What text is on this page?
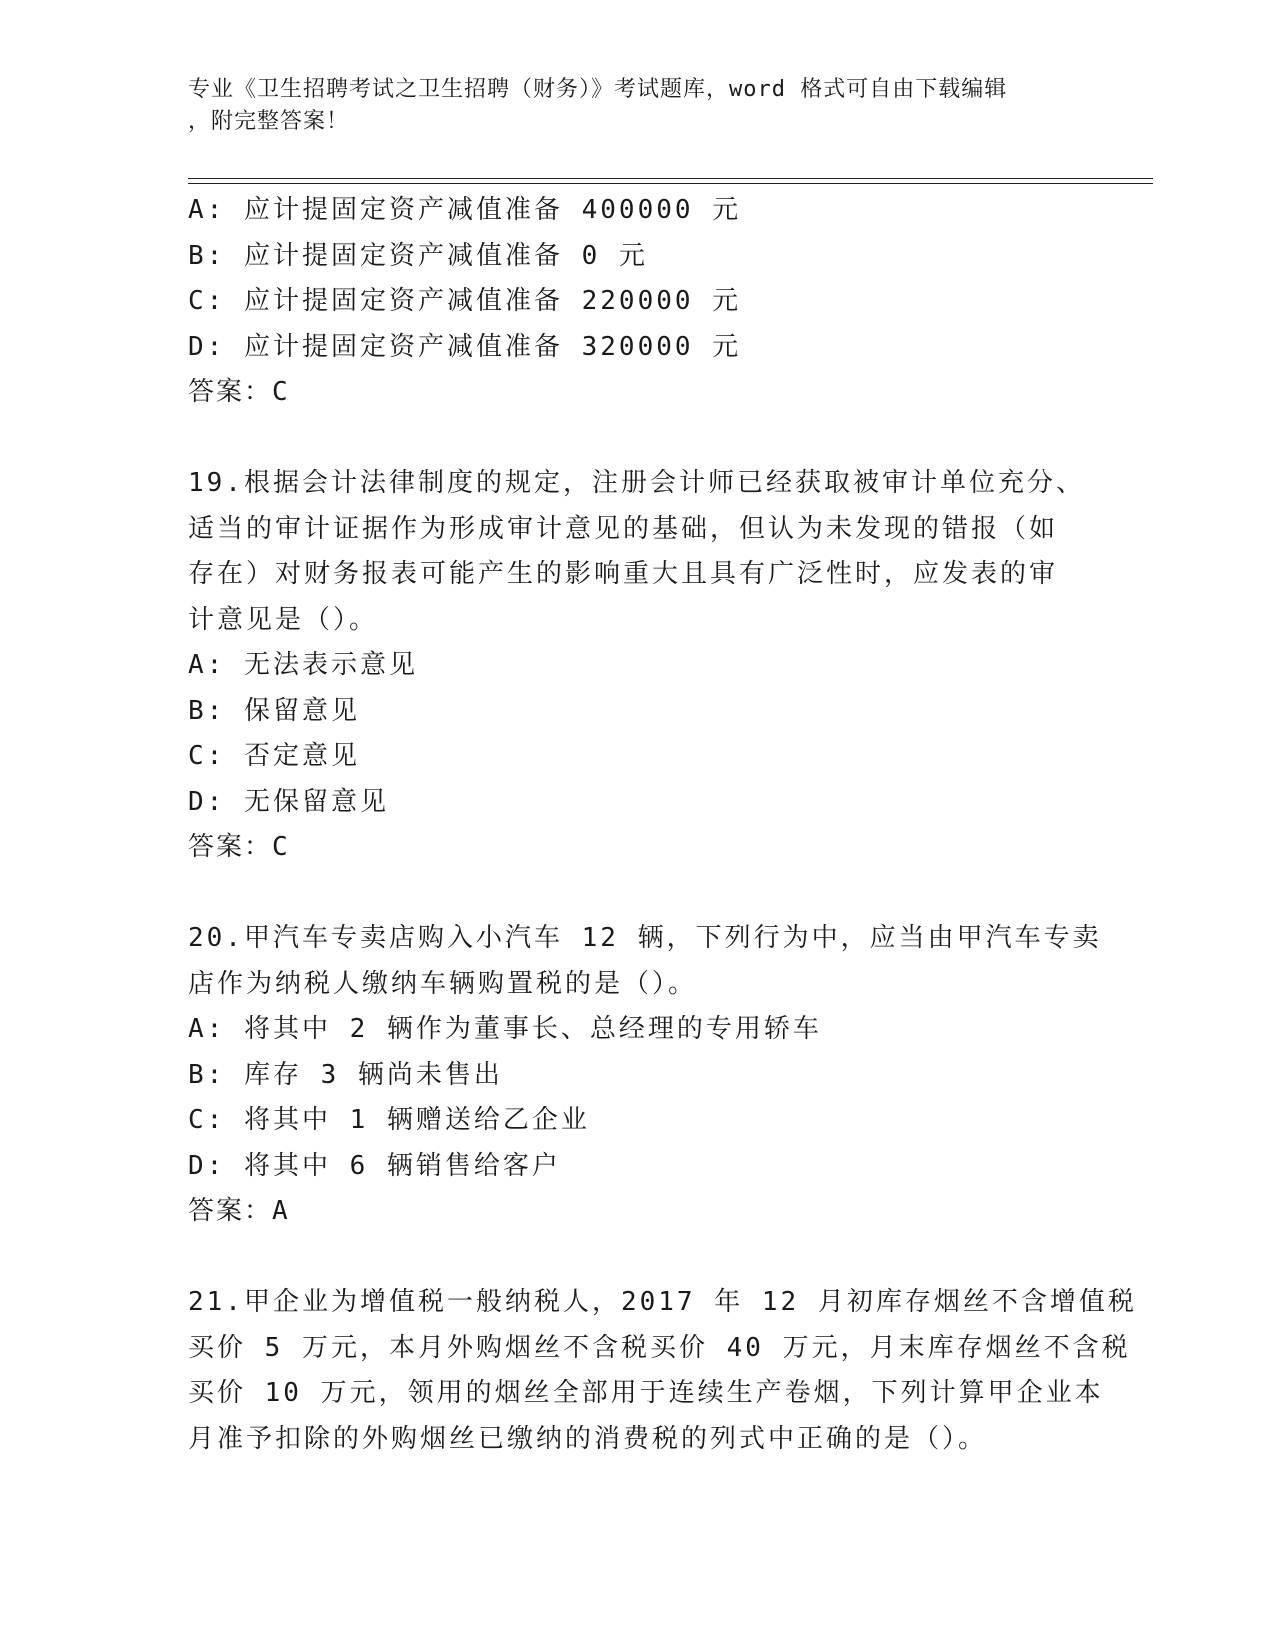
专业《卫生招聘考试之卫生招聘（财务）》考试题库，word 格式可自由下载编辑
，附完整答案！
A: 应计提固定资产减值准备 400000 元
B: 应计提固定资产减值准备 0 元
C: 应计提固定资产减值准备 220000 元
D: 应计提固定资产减值准备 320000 元
答案：C
19.根据会计法律制度的规定，注册会计师已经获取被审计单位充分、
适当的审计证据作为形成审计意见的基础，但认为未发现的错报（如
存在）对财务报表可能产生的影响重大且具有广泛性时，应发表的审
计意见是（）。
A: 无法表示意见
B: 保留意见
C: 否定意见
D: 无保留意见
答案：C
20.甲汽车专卖店购入小汽车 12 辆，下列行为中，应当由甲汽车专卖
店作为纳税人缴纳车辆购置税的是（）。
A: 将其中 2 辆作为董事长、总经理的专用轿车
B: 库存 3 辆尚未售出
C: 将其中 1 辆赠送给乙企业
D: 将其中 6 辆销售给客户
答案：A
21.甲企业为增值税一般纳税人，2017 年 12 月初库存烟丝不含增值税
买价 5 万元，本月外购烟丝不含税买价 40 万元，月末库存烟丝不含税
买价 10 万元，领用的烟丝全部用于连续生产卷烟，下列计算甲企业本
月准予扣除的外购烟丝已缴纳的消费税的列式中正确的是（）。
